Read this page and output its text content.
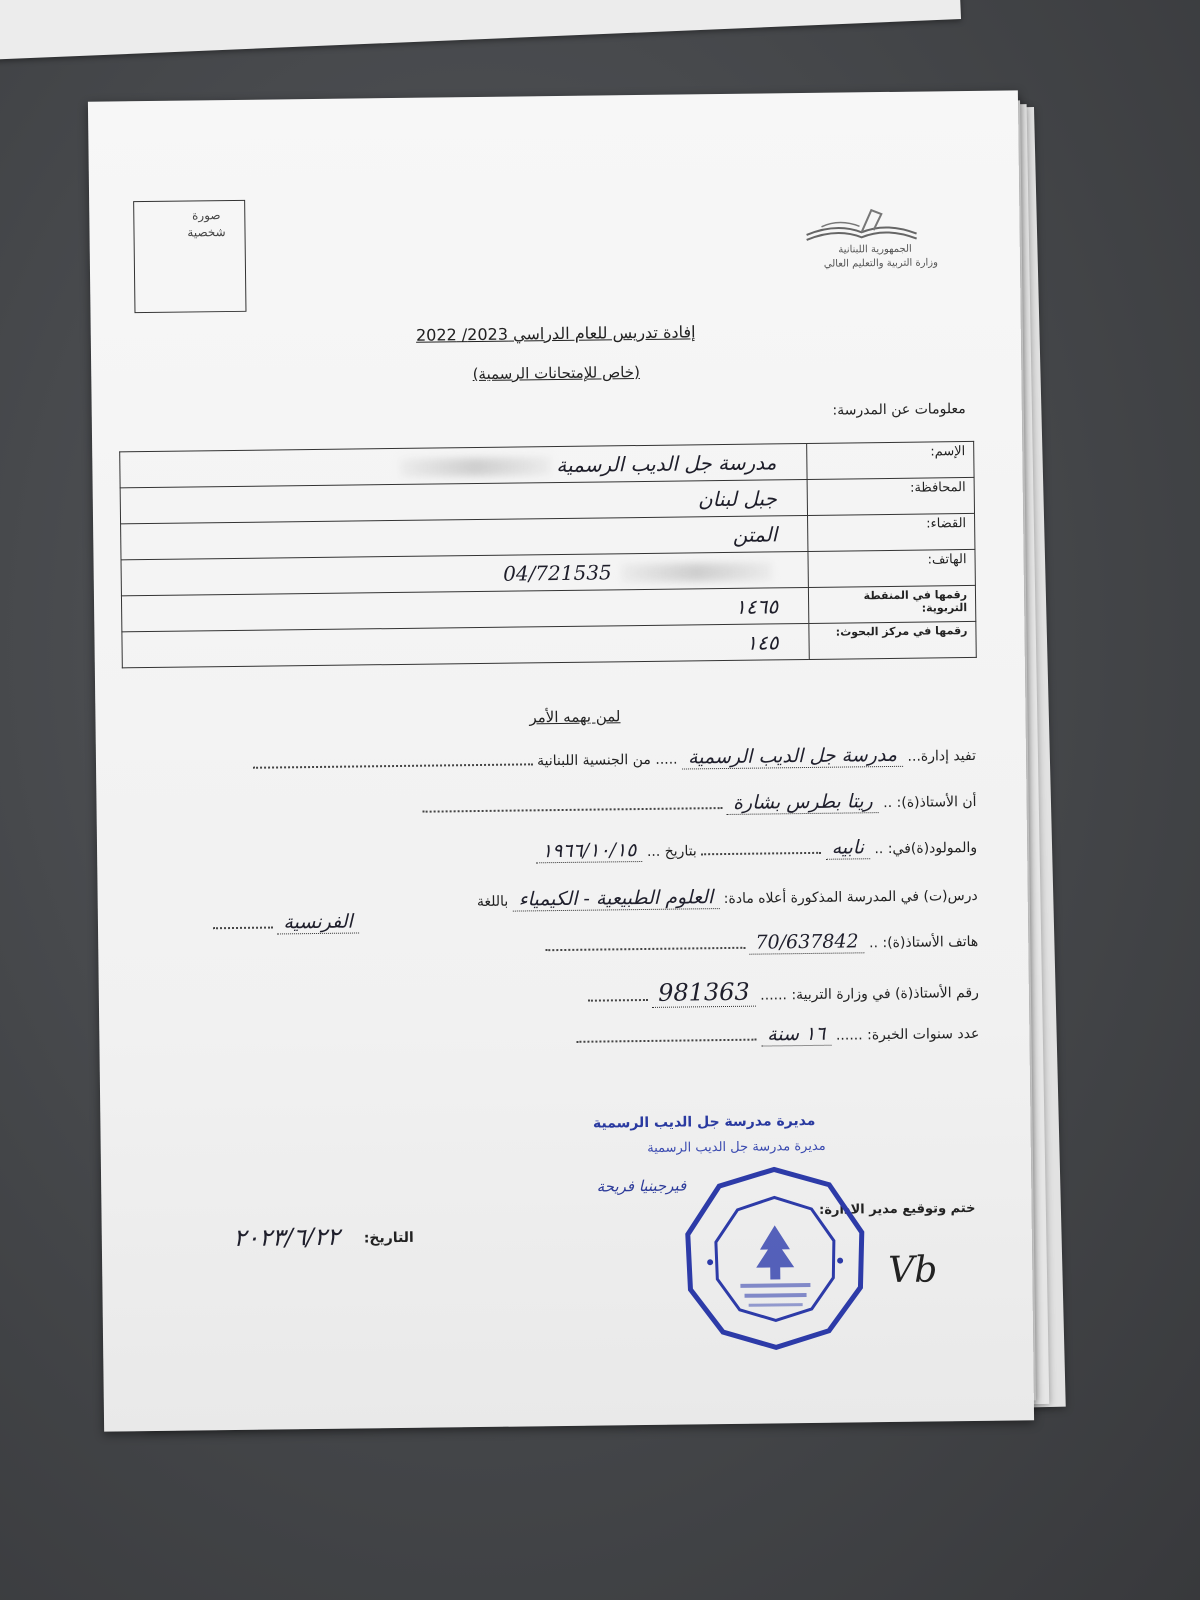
صورة
شخصية
الجمهورية اللبنانية
وزارة التربية والتعليم العالي
إفادة تدريس للعام الدراسي 2023/ 2022
(خاص للإمتحانات الرسمية)
معلومات عن المدرسة:
الإسم:	مدرسة جل الديب الرسمية
المحافظة:	جبل لبنان
القضاء:	المتن
الهاتف:	04/721535
رقمها في المنقطة التربوية:	١٤٦٥
رقمها في مركز البحوث:	١٤٥
لمن يهمه الأمر
تفيد إدارة... مدرسة جل الديب الرسمية ..... من الجنسية اللبنانية
أن الأستاذ(ة): .. ريتا بطرس بشارة
والمولود(ة)في: .. نابيه  بتاريخ ... ١٩٦٦/١٠/١٥
درس(ت) في المدرسة المذكورة أعلاه مادة: العلوم الطبيعية - الكيمياء باللغة
الفرنسية
هاتف الأستاذ(ة): .. 70/637842
رقم الأستاذ(ة) في وزارة التربية: ...... 981363
عدد سنوات الخبرة: ...... ١٦ سنة
مديرة مدرسة جل الديب الرسمية
مديرة مدرسة جل الديب الرسمية
فيرجينيا فريحة
ختم وتوقيع مدير الادارة:
التاريخ:
٢٠٢٣/٦/٢٢
Vb
